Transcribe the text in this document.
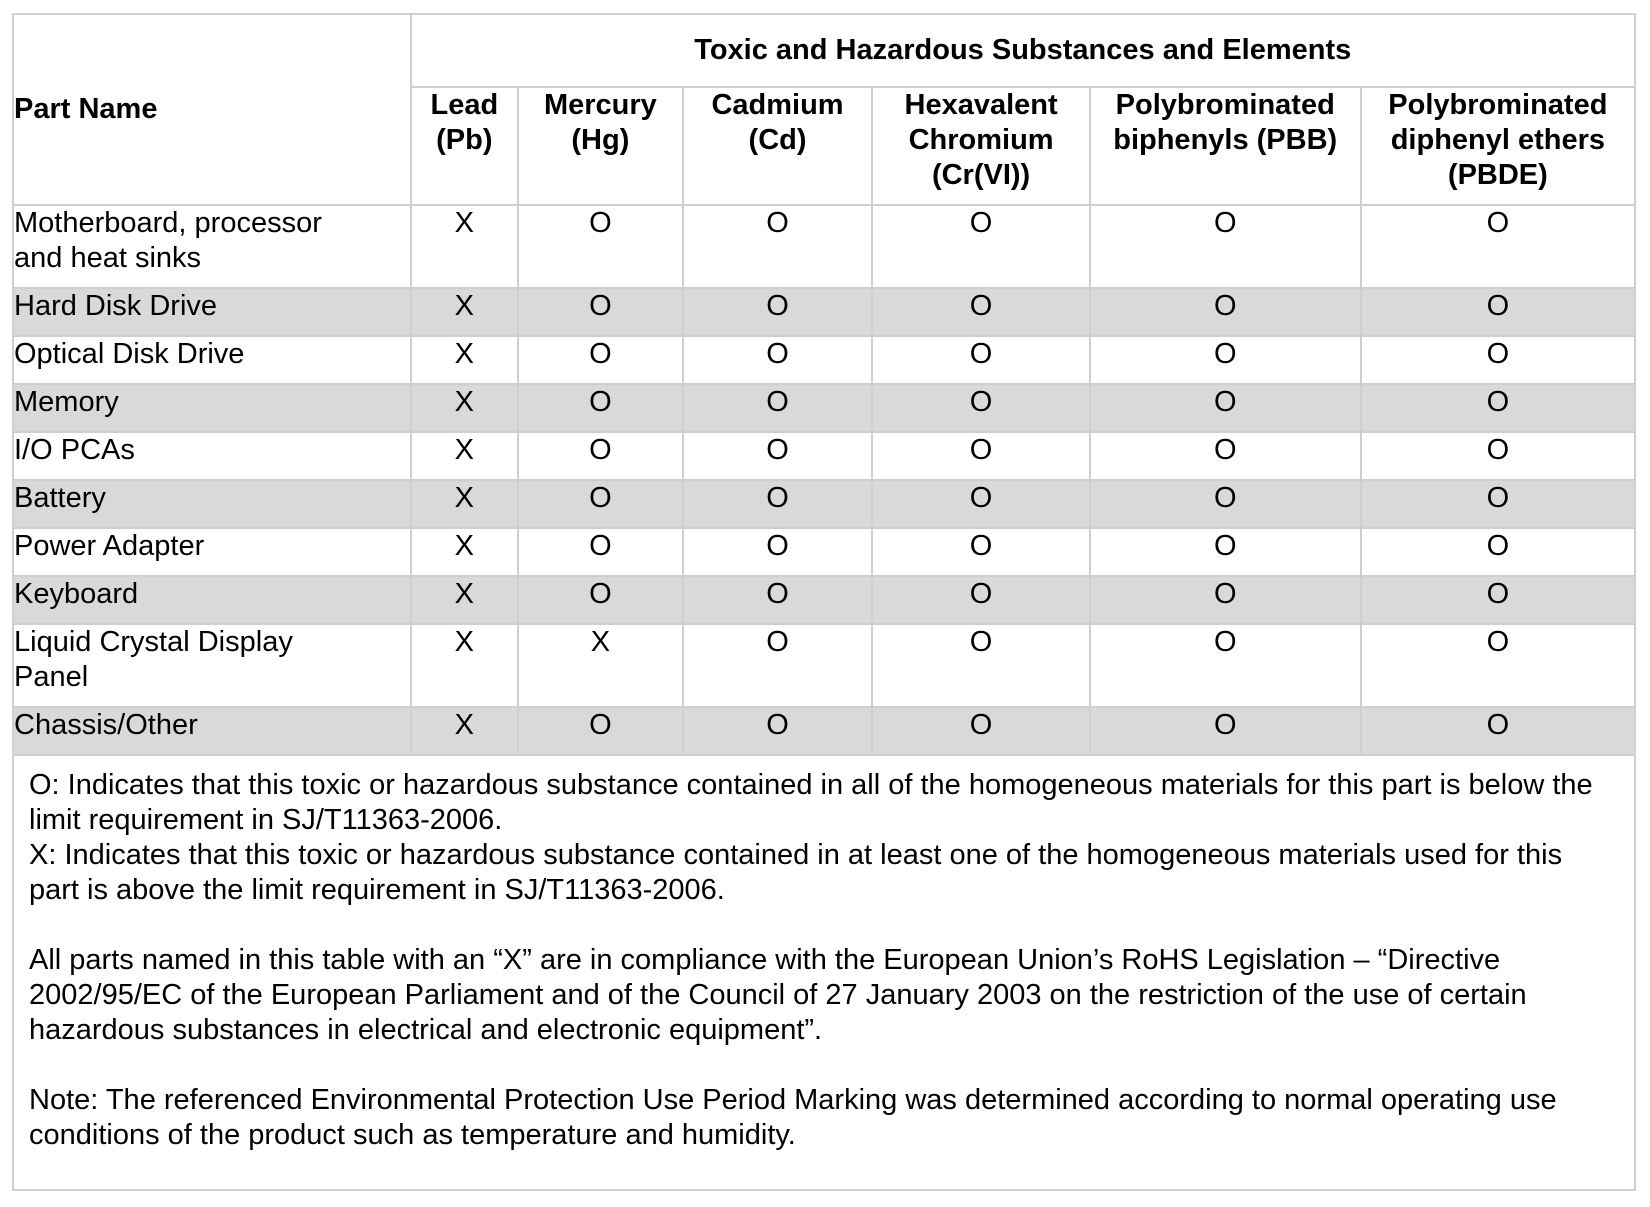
Part Name	Toxic and Hazardous Substances and Elements

Lead
(Pb)

Mercury
(Hg)

Cadmium
(Cd)

Hexavalent
Chromium
(Cr(VI))

Polybrominated
biphenyls (PBB)

Polybrominated
diphenyl ethers
(PBDE)

Motherboard, processor
and heat sinks
	X	O	O	O	O	O

Hard Disk Drive	X	O	O	O	O	O

Optical Disk Drive	X	O	O	O	O	O

Memory	X	O	O	O	O	O

I/O PCAs	X	O	O	O	O	O

Battery	X	O	O	O	O	O

Power Adapter	X	O	O	O	O	O

Keyboard	X	O	O	O	O	O

Liquid Crystal Display
Panel
	X	X	O	O	O	O

Chassis/Other	X	O	O	O	O	O

O: Indicates that this toxic or hazardous substance contained in all of the homogeneous materials for this part is below the limit requirement in SJ/T11363-2006.

X: Indicates that this toxic or hazardous substance contained in at least one of the homogeneous materials used for this part is above the limit requirement in SJ/T11363-2006.

All parts named in this table with an “X” are in compliance with the European Union’s RoHS Legislation – “Directive 2002/95/EC of the European Parliament and of the Council of 27 January 2003 on the restriction of the use of certain hazardous substances in electrical and electronic equipment”.

Note: The referenced Environmental Protection Use Period Marking was determined according to normal operating use conditions of the product such as temperature and humidity.
